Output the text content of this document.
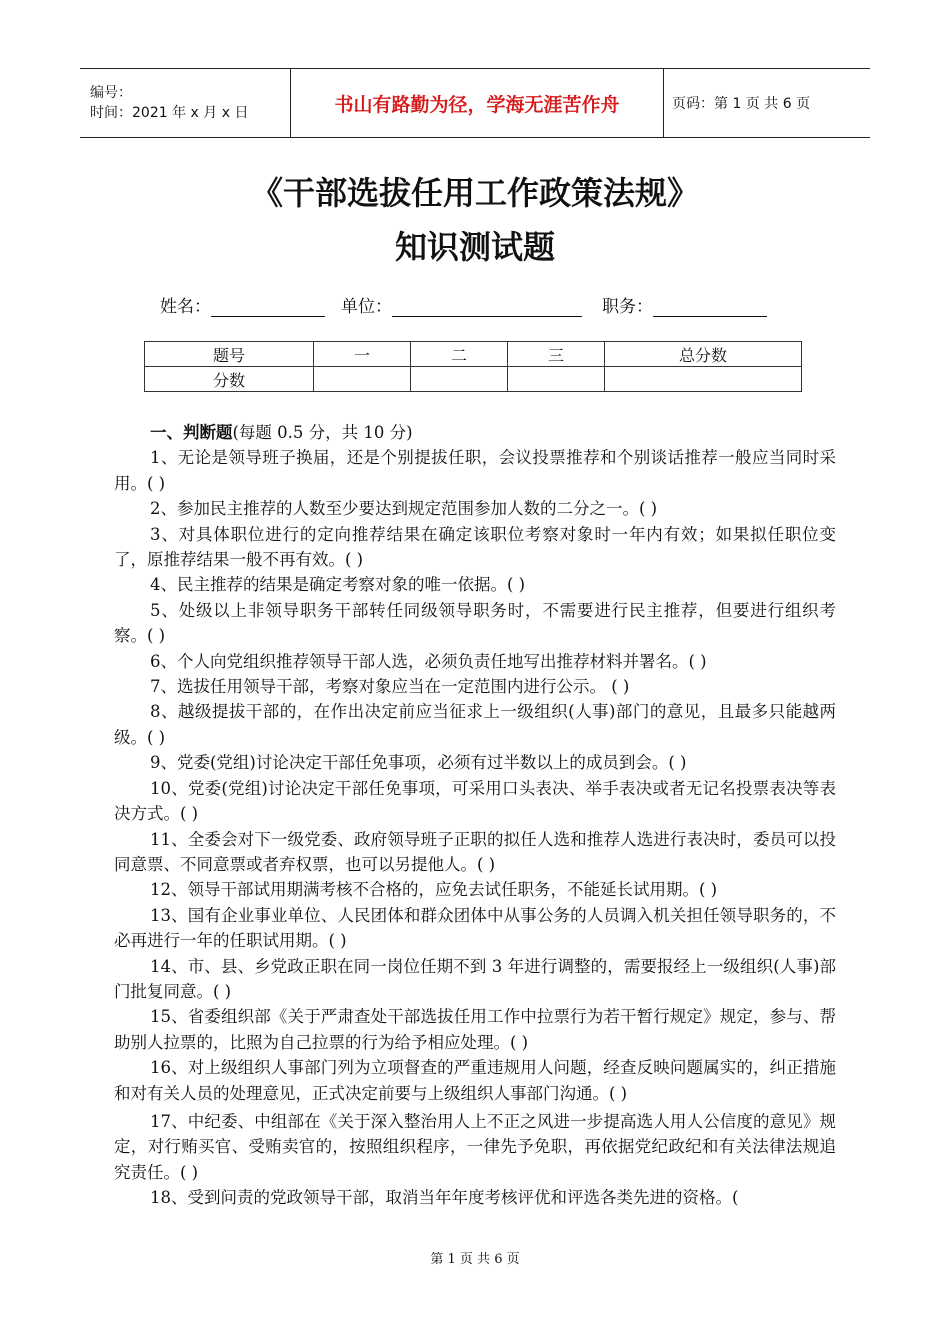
编号：
时间：2021 年 x 月 x 日	书山有路勤为径，学海无涯苦作舟	页码：第 1 页 共 6 页
《干部选拔任用工作政策法规》
知识测试题
姓名：	单位：	职务：
题号	一	二	三	总分数
分数				

一、判断题(每题 0.5 分，共 10 分)

1、无论是领导班子换届，还是个别提拔任职，会议投票推荐和个别谈话推荐一般应当同时采用。( )

2、参加民主推荐的人数至少要达到规定范围参加人数的二分之一。( )

3、对具体职位进行的定向推荐结果在确定该职位考察对象时一年内有效；如果拟任职位变了，原推荐结果一般不再有效。( )

4、民主推荐的结果是确定考察对象的唯一依据。( )

5、处级以上非领导职务干部转任同级领导职务时，不需要进行民主推荐，但要进行组织考察。( )

6、个人向党组织推荐领导干部人选，必须负责任地写出推荐材料并署名。( )

7、选拔任用领导干部，考察对象应当在一定范围内进行公示。 ( )

8、越级提拔干部的，在作出决定前应当征求上一级组织(人事)部门的意见，且最多只能越两级。( )

9、党委(党组)讨论决定干部任免事项，必须有过半数以上的成员到会。( )

10、党委(党组)讨论决定干部任免事项，可采用口头表决、举手表决或者无记名投票表决等表决方式。( )

11、全委会对下一级党委、政府领导班子正职的拟任人选和推荐人选进行表决时，委员可以投同意票、不同意票或者弃权票，也可以另提他人。( )

12、领导干部试用期满考核不合格的，应免去试任职务，不能延长试用期。( )

13、国有企业事业单位、人民团体和群众团体中从事公务的人员调入机关担任领导职务的，不必再进行一年的任职试用期。( )

14、市、县、乡党政正职在同一岗位任期不到 3 年进行调整的，需要报经上一级组织(人事)部门批复同意。( )

15、省委组织部《关于严肃查处干部选拔任用工作中拉票行为若干暂行规定》规定，参与、帮助别人拉票的，比照为自己拉票的行为给予相应处理。( )

16、对上级组织人事部门列为立项督查的严重违规用人问题，经查反映问题属实的，纠正措施和对有关人员的处理意见，正式决定前要与上级组织人事部门沟通。( )

17、中纪委、中组部在《关于深入整治用人上不正之风进一步提高选人用人公信度的意见》规定，对行贿买官、受贿卖官的，按照组织程序，一律先予免职，再依据党纪政纪和有关法律法规追究责任。( )

18、受到问责的党政领导干部，取消当年年度考核评优和评选各类先进的资格。(

第 1 页 共 6 页
